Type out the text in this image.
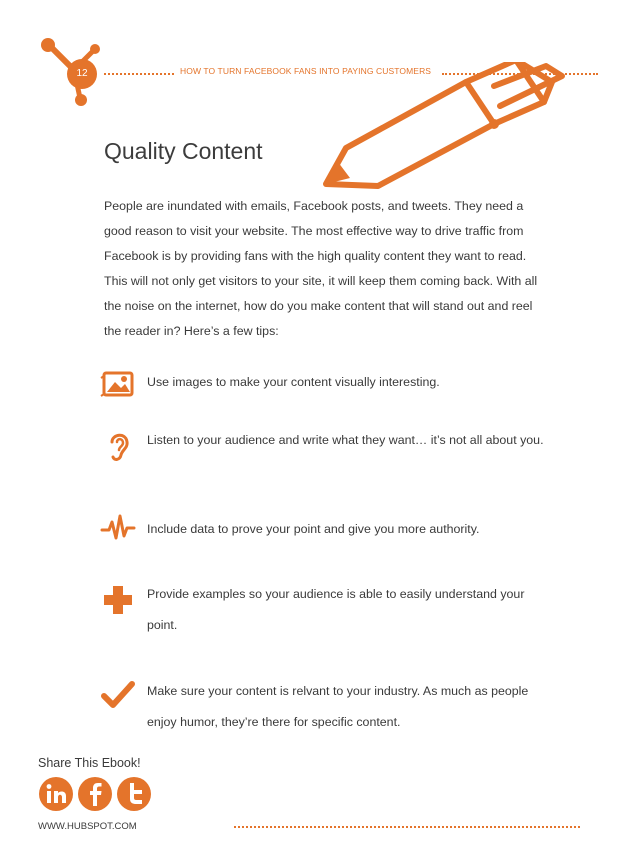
12	HOW TO TURN FACEBOOK FANS INTO PAYING CUSTOMERS
Quality Content
People are inundated with emails, Facebook posts, and tweets. They need a good reason to visit your website. The most effective way to drive traffic from Facebook is by providing fans with the high quality content they want to read. This will not only get visitors to your site, it will keep them coming back. With all the noise on the internet, how do you make content that will stand out and reel the reader in? Here’s a few tips:
Use images to make your content visually interesting.
Listen to your audience and write what they want… it’s not all about you.
Include data to prove your point and give you more authority.
Provide examples so your audience is able to easily understand your point.
Make sure your content is relvant to your industry. As much as people enjoy humor, they’re there for specific content.
Share This Ebook!
WWW.HUBSPOT.COM
